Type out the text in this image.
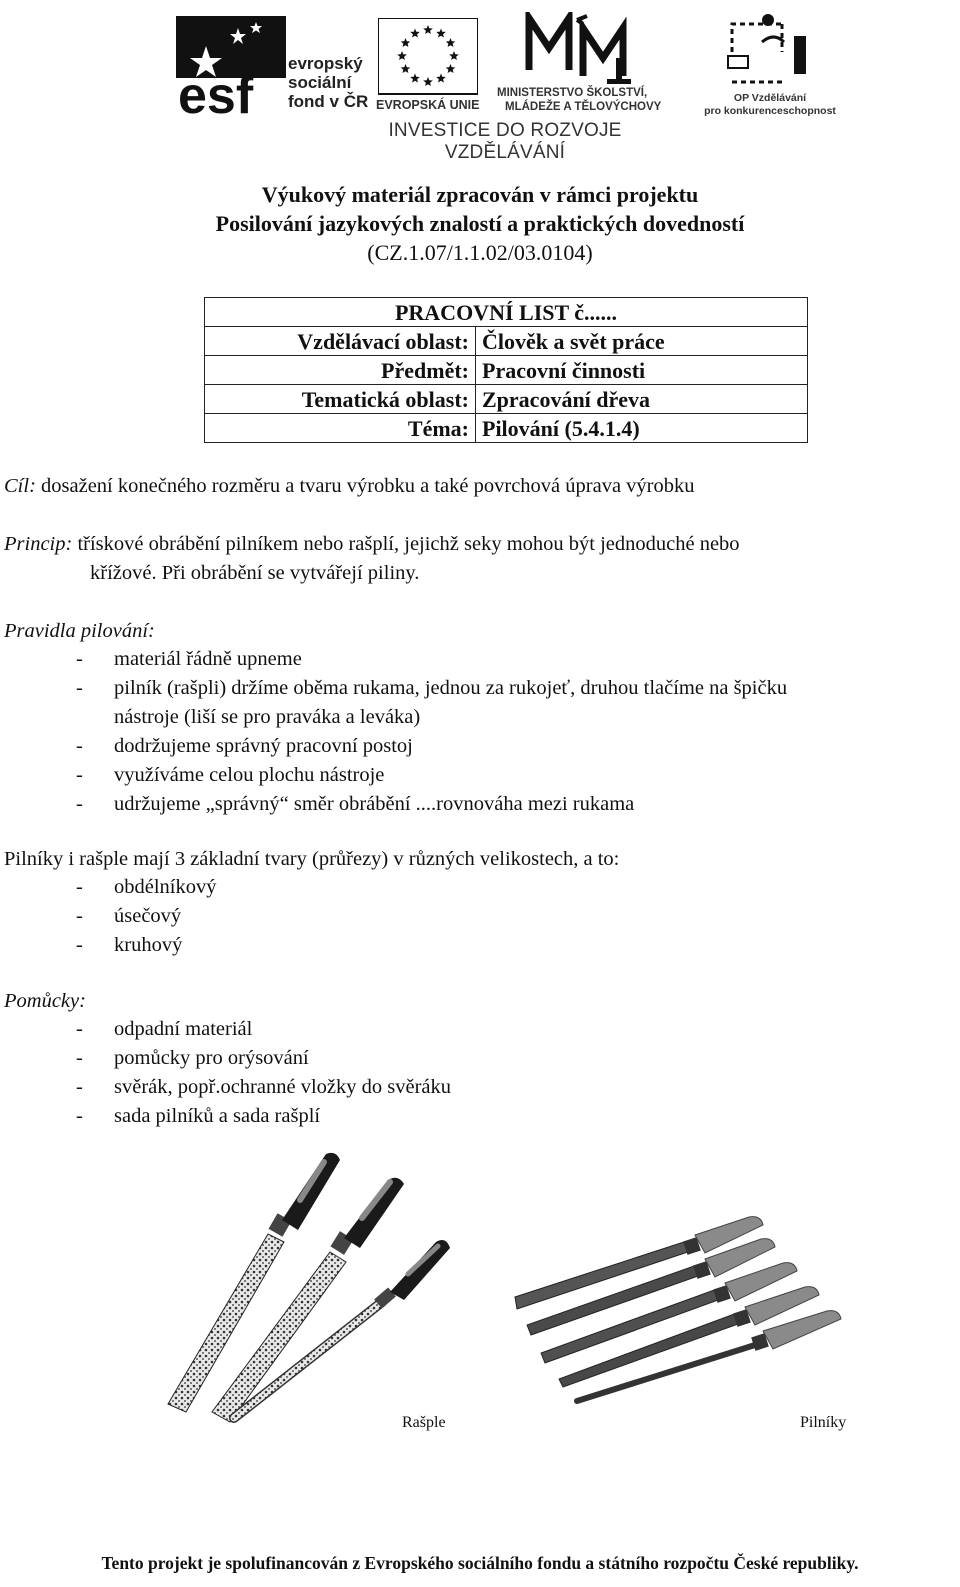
esf
evropský
sociální
fond v ČR EVROPSKÁ UNIE
MINISTERSTVO ŠKOLSTVÍ,
MLÁDEŽE A TĚLOVÝCHOVY
OP Vzdělávání
pro konkurenceschopnost
INVESTICE DO ROZVOJE VZDĚLÁVÁNÍ
Výukový materiál zpracován v rámci projektu
Posilování jazykových znalostí a praktických dovedností
(CZ.1.07/1.1.02/03.0104)
PRACOVNÍ LIST č......	
Vzdělávací oblast:	Člověk a svět práce
Předmět:	Pracovní činnosti
Tematická oblast:	Zpracování dřeva
Téma:	Pilování (5.4.1.4)
Cíl: dosažení konečného rozměru a tvaru výrobku a také povrchová úprava výrobku
Princip: třískové obrábění pilníkem nebo rašplí, jejichž seky mohou být jednoduché nebo
křížové. Při obrábění se vytvářejí piliny.
Pravidla pilování:
- materiál řádně upneme
- pilník (rašpli) držíme oběma rukama, jednou za rukojeť, druhou tlačíme na špičku
nástroje (liší se pro praváka a leváka)
- dodržujeme správný pracovní postoj
- využíváme celou plochu nástroje
- udržujeme „správný“ směr obrábění ....rovnováha mezi rukama
Pilníky i rašple mají 3 základní tvary (průřezy) v různých velikostech, a to:
- obdélníkový
- úsečový
- kruhový
Pomůcky:
- odpadní materiál
- pomůcky pro orýsování
- svěrák, popř.ochranné vložky do svěráku
- sada pilníků a sada rašplí
Rašple	Pilníky
Tento projekt je spolufinancován z Evropského sociálního fondu a státního rozpočtu České republiky.
